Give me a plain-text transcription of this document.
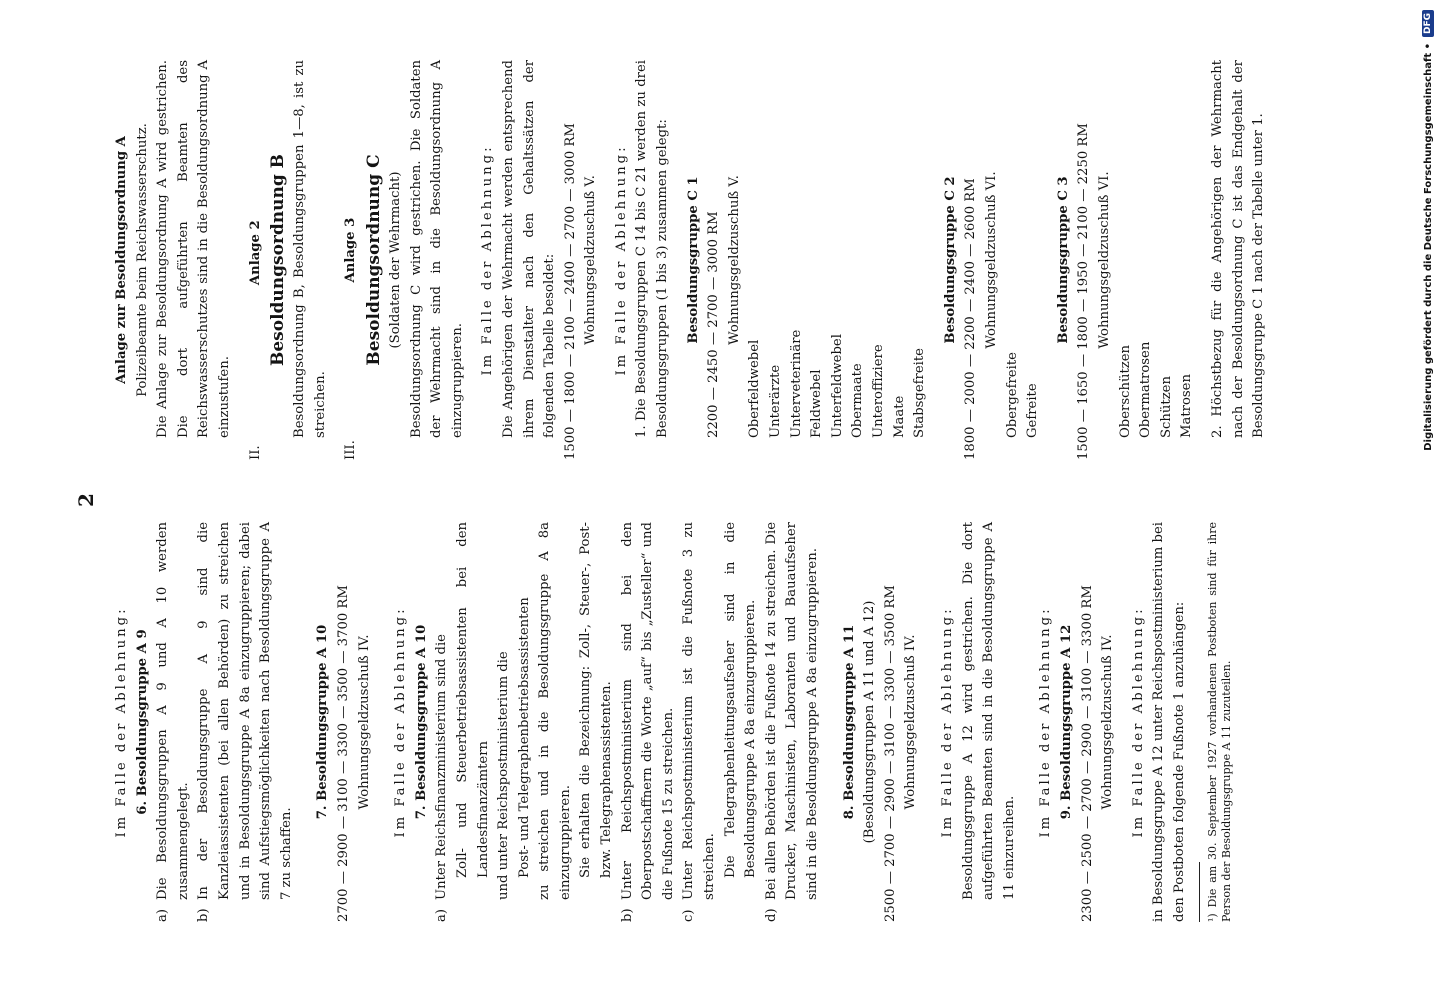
2

Im Falle der Ablehnung: 6. Besoldungsgruppe A 9

a)
Die Besoldungsgruppen A 9 und A 10 werden zusammengelegt.
b)
In der Besoldungsgruppe A 9 sind die Kanzleiassistenten (bei allen Behörden) zu streichen und in Besoldungsgruppe A 8a einzugruppieren; dabei sind Aufstiegsmöglichkeiten nach Besoldungsgruppe A 7 zu schaffen.

7. Besoldungsgruppe A 10 2700 — 2900 — 3100 — 3300 — 3500 — 3700 RM Wohnungsgeldzuschuß IV. Im Falle der Ablehnung: 7. Besoldungsgruppe A 10

a)
Unter Reichsfinanzministerium sind die Zoll- und Steuerbetriebsassistenten bei den Landesfinanzämtern und unter Reichspostministerium die Post- und Telegraphenbetriebsassistenten zu streichen und in die Besoldungsgruppe A 8a einzugruppieren. Sie erhalten die Bezeichnung: Zoll-, Steuer-, Post- bzw. Telegraphenassistenten.

b)
Unter Reichspostministerium sind bei den Oberpostschaffnern die Worte „auf“ bis „Zusteller“ und die Fußnote 15 zu streichen.
c)
Unter Reichspostministerium ist die Fußnote 3 zu streichen. Die Telegraphenleitungsaufseher sind in die Besoldungsgruppe A 8a einzugruppieren.

d)
Bei allen Behörden ist die Fußnote 14 zu streichen. Die Drucker, Maschinisten, Laboranten und Bauaufseher sind in die Besoldungsgruppe A 8a einzugruppieren. 8. Besoldungsgruppe A 11 (Besoldungsgruppen A 11 und A 12) 2500 — 2700 — 2900 — 3100 — 3300 — 3500 RM Wohnungsgeldzuschuß IV. Im Falle der Ablehnung: Besoldungsgruppe A 12 wird gestrichen. Die dort aufgeführten Beamten sind in die Besoldungsgruppe A 11 einzureihen.

Im Falle der Ablehnung: 9. Besoldungsgruppe A 12 2300 — 2500 — 2700 — 2900 — 3100 — 3300 RM Wohnungsgeldzuschuß IV. Im Falle der Ablehnung: in Besoldungsgruppe A 12 unter Reichspostministerium bei den Postboten folgende Fußnote 1 anzuhängen:	¹) Die am 30. September 1927 vorhandenen Postboten sind für ihre Person der Besoldungsgruppe A 11 zuzuteilen.

Anlage zur Besoldungsordnung A Polizeibeamte beim Reichswasserschutz. Die Anlage zur Besoldungsordnung A wird gestrichen. Die dort aufgeführten Beamten des Reichswasserschutzes sind in die Besoldungsordnung A einzustufen.

II.
Anlage 2 Besoldungsordnung B Besoldungsordnung B, Besoldungsgruppen 1—8, ist zu streichen.

III.
Anlage 3 Besoldungsordnung C (Soldaten der Wehrmacht) Besoldungsordnung C wird gestrichen. Die Soldaten der Wehrmacht sind in die Besoldungsordnung A einzugruppieren.

Im Falle der Ablehnung: Die Angehörigen der Wehrmacht werden entsprechend ihrem Dienstalter nach den Gehaltssätzen der folgenden Tabelle besoldet: 1500 — 1800 — 2100 — 2400 — 2700 — 3000 RM Wohnungsgeldzuschuß V. Im Falle der Ablehnung: 1. Die Besoldungsgruppen C 14 bis C 21 werden zu drei Besoldungsgruppen (1 bis 3) zusammen gelegt: Besoldungsgruppe C 1 2200 — 2450 — 2700 — 3000 RM Wohnungsgeldzuschuß V.

Oberfeldwebel Unterärzte Unterveterinäre Feldwebel Unterfeldwebel Obermaate Unteroffiziere Maate Stabsgefreite

Besoldungsgruppe C 2 1800 — 2000 — 2200 — 2400 — 2600 RM Wohnungsgeldzuschuß VI.

Obergefreite Gefreite

Besoldungsgruppe C 3 1500 — 1650 — 1800 — 1950 — 2100 — 2250 RM Wohnungsgeldzuschuß VI.

Oberschützen Obermatrosen Schützen Matrosen 2. Höchstbezug für die Angehörigen der Wehrmacht nach der Besoldungsordnung C ist das Endgehalt der Besoldungsgruppe C 1 nach der Tabelle unter 1.	Digitalisierung gefördert durch die Deutsche Forschungsgemeinschaft •
DFG
